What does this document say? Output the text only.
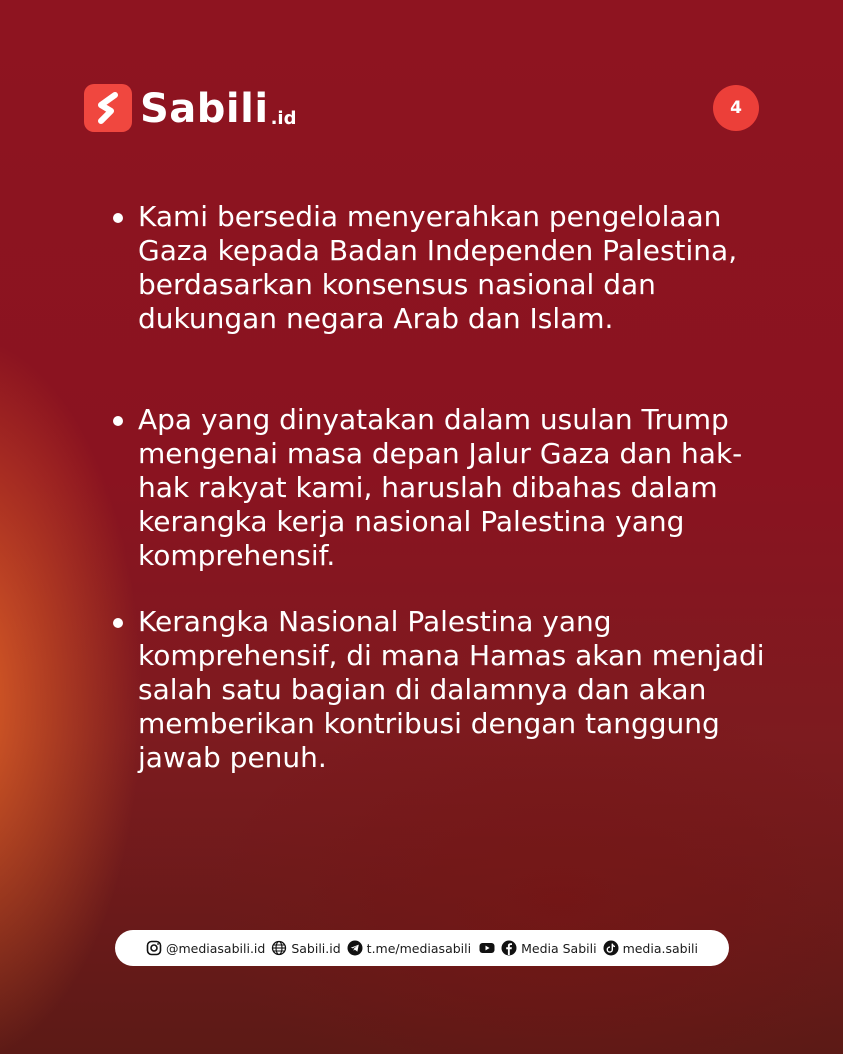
Sabili .id	4
Kami bersedia menyerahkan pengelolaan Gaza kepada Badan Independen Palestina, berdasarkan konsensus nasional dan dukungan negara Arab dan Islam.
Apa yang dinyatakan dalam usulan Trump mengenai masa depan Jalur Gaza dan hak-hak rakyat kami, haruslah dibahas dalam kerangka kerja nasional Palestina yang komprehensif.
Kerangka Nasional Palestina yang komprehensif, di mana Hamas akan menjadi salah satu bagian di dalamnya dan akan memberikan kontribusi dengan tanggung jawab penuh.
@mediasabili.id Sabili.id t.me/mediasabili	Media Sabili media.sabili
